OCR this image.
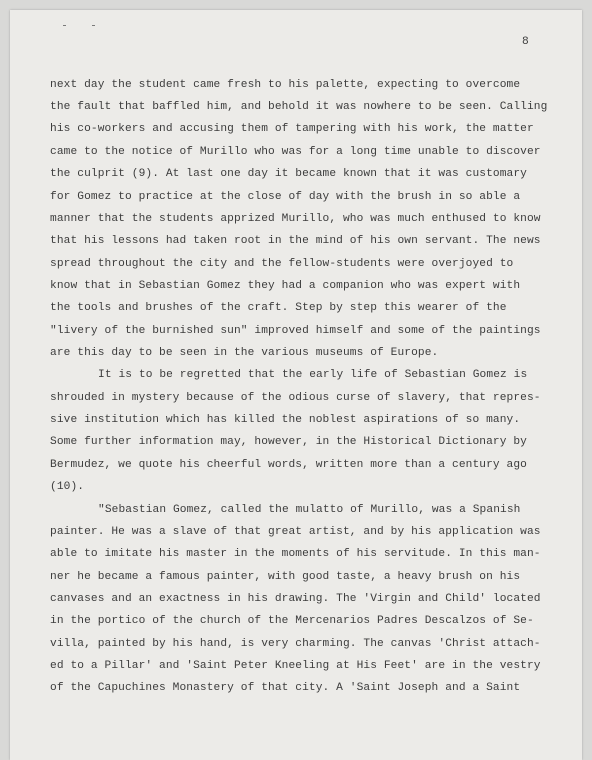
8
next day the student came fresh to his palette, expecting to overcome
the fault that baffled him, and behold it was nowhere to be seen. Calling
his co-workers and accusing them of tampering with his work, the matter
came to the notice of Murillo who was for a long time unable to discover
the culprit (9). At last one day it became known that it was customary
for Gomez to practice at the close of day with the brush in so able a
manner that the students apprized Murillo, who was much enthused to know
that his lessons had taken root in the mind of his own servant. The news
spread throughout the city and the fellow-students were overjoyed to
know that in Sebastian Gomez they had a companion who was expert with
the tools and brushes of the craft. Step by step this wearer of the
"livery of the burnished sun" improved himself and some of the paintings
are this day to be seen in the various museums of Europe.
It is to be regretted that the early life of Sebastian Gomez is
shrouded in mystery because of the odious curse of slavery, that repres-
sive institution which has killed the noblest aspirations of so many.
Some further information may, however, in the Historical Dictionary by
Bermudez, we quote his cheerful words, written more than a century ago
(10).
"Sebastian Gomez, called the mulatto of Murillo, was a Spanish
painter. He was a slave of that great artist, and by his application was
able to imitate his master in the moments of his servitude. In this man-
ner he became a famous painter, with good taste, a heavy brush on his
canvases and an exactness in his drawing. The 'Virgin and Child' located
in the portico of the church of the Mercenarios Padres Descalzos of Se-
villa, painted by his hand, is very charming. The canvas 'Christ attach-
ed to a Pillar' and 'Saint Peter Kneeling at His Feet' are in the vestry
of the Capuchines Monastery of that city. A 'Saint Joseph and a Saint
